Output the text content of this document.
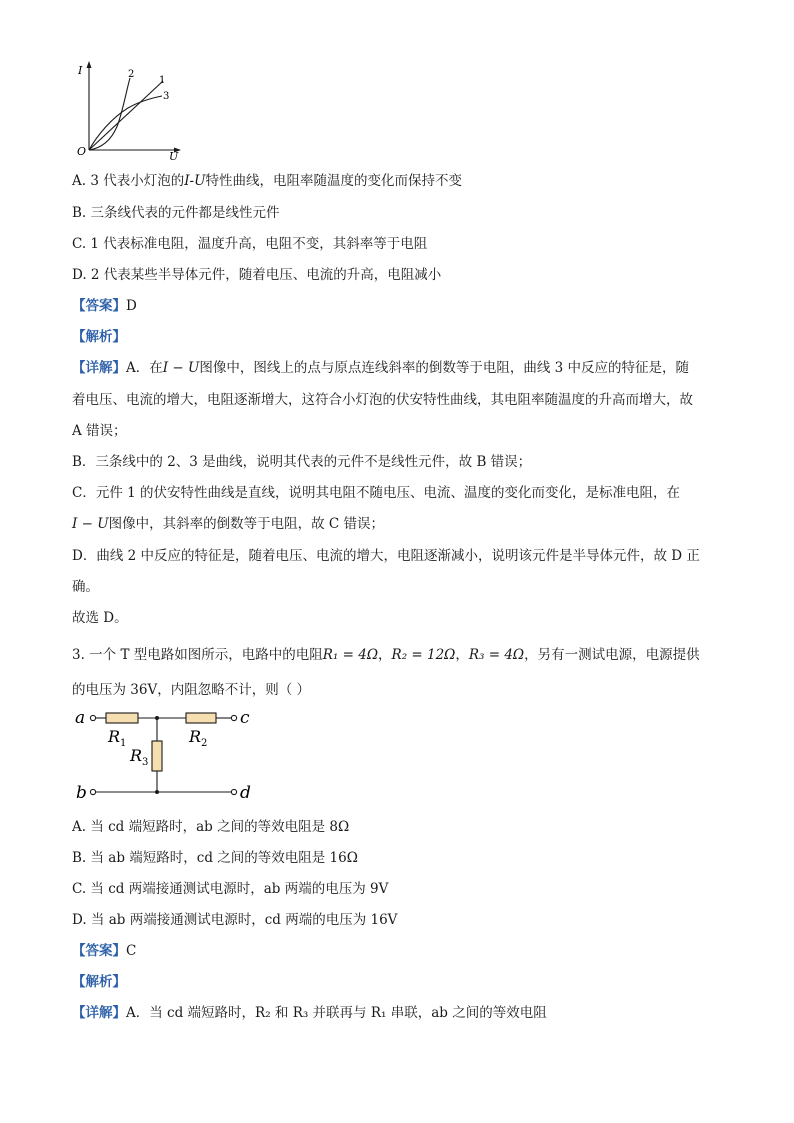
I
U
O
2
1
3
A. 3 代表小灯泡的I-U特性曲线，电阻率随温度的变化而保持不变
B. 三条线代表的元件都是线性元件
C. 1 代表标准电阻，温度升高，电阻不变，其斜率等于电阻
D. 2 代表某些半导体元件，随着电压、电流的升高，电阻减小
【答案】D
【解析】
【详解】A．在I − U图像中，图线上的点与原点连线斜率的倒数等于电阻，曲线 3 中反应的特征是，随
着电压、电流的增大，电阻逐渐增大，这符合小灯泡的伏安特性曲线，其电阻率随温度的升高而增大，故
A 错误；
B．三条线中的 2、3 是曲线，说明其代表的元件不是线性元件，故 B 错误；
C．元件 1 的伏安特性曲线是直线，说明其电阻不随电压、电流、温度的变化而变化，是标准电阻，在
I − U图像中，其斜率的倒数等于电阻，故 C 错误；
D．曲线 2 中反应的特征是，随着电压、电流的增大，电阻逐渐减小，说明该元件是半导体元件，故 D 正
确。
故选 D。
3. 一个 T 型电路如图所示，电路中的电阻R₁ = 4Ω，R₂ = 12Ω，R₃ = 4Ω，另有一测试电源，电源提供
的电压为 36V，内阻忽略不计，则（ ）
a	c
b	d
$R_1$	$R_2$
$R_3$
A. 当 cd 端短路时，ab 之间的等效电阻是 8Ω
B. 当 ab 端短路时，cd 之间的等效电阻是 16Ω
C. 当 cd 两端接通测试电源时，ab 两端的电压为 9V
D. 当 ab 两端接通测试电源时，cd 两端的电压为 16V
【答案】C
【解析】
【详解】A．当 cd 端短路时，R₂ 和 R₃ 并联再与 R₁ 串联，ab 之间的等效电阻
